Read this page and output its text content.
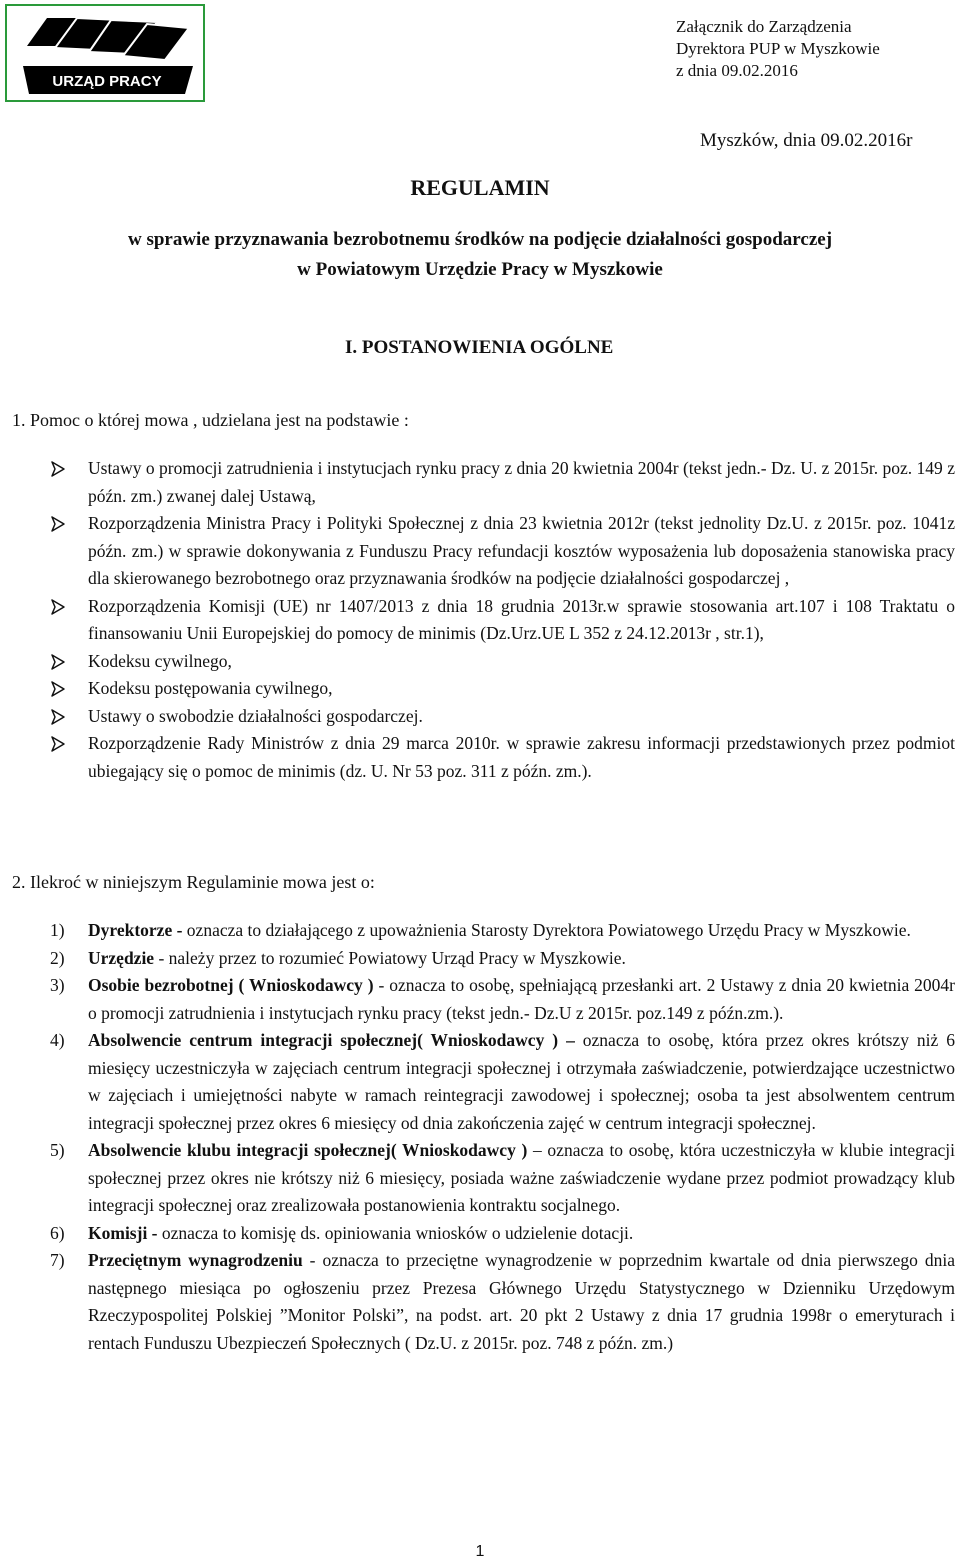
URZĄD PRACY
Załącznik do Zarządzenia
Dyrektora PUP w Myszkowie
z dnia 09.02.2016
Myszków, dnia 09.02.2016r
REGULAMIN
w sprawie przyznawania bezrobotnemu środków na podjęcie działalności gospodarczej
w Powiatowym Urzędzie Pracy w Myszkowie
I. POSTANOWIENIA OGÓLNE
1. Pomoc o której mowa , udzielana jest na podstawie :
Ustawy o promocji zatrudnienia i instytucjach rynku pracy z dnia 20 kwietnia 2004r (tekst jedn.- Dz. U. z 2015r. poz. 149 z późn. zm.) zwanej dalej Ustawą,
Rozporządzenia Ministra Pracy i Polityki Społecznej z dnia 23 kwietnia 2012r (tekst jednolity Dz.U. z 2015r. poz. 1041z późn. zm.) w sprawie dokonywania z Funduszu Pracy refundacji kosztów wyposażenia lub doposażenia stanowiska pracy dla skierowanego bezrobotnego oraz przyznawania środków na podjęcie działalności gospodarczej ,
Rozporządzenia Komisji (UE) nr 1407/2013 z dnia 18 grudnia 2013r.w sprawie stosowania art.107 i 108 Traktatu o finansowaniu Unii Europejskiej do pomocy de minimis (Dz.Urz.UE L 352 z 24.12.2013r , str.1),
Kodeksu cywilnego,
Kodeksu postępowania cywilnego,
Ustawy o swobodzie działalności gospodarczej.
Rozporządzenie Rady Ministrów z dnia 29 marca 2010r. w sprawie zakresu informacji przedstawionych przez podmiot ubiegający się o pomoc de minimis (dz. U. Nr 53 poz. 311 z późn. zm.).
2. Ilekroć w niniejszym Regulaminie mowa jest o:
1) Dyrektorze - oznacza to działającego z upoważnienia Starosty Dyrektora Powiatowego Urzędu Pracy w Myszkowie.
2) Urzędzie - należy przez to rozumieć Powiatowy Urząd Pracy w Myszkowie.
3) Osobie bezrobotnej ( Wnioskodawcy ) - oznacza to osobę, spełniającą przesłanki art. 2 Ustawy z dnia 20 kwietnia 2004r o promocji zatrudnienia i instytucjach rynku pracy (tekst jedn.- Dz.U z 2015r. poz.149 z późn.zm.).
4) Absolwencie centrum integracji społecznej( Wnioskodawcy ) – oznacza to osobę, która przez okres krótszy niż 6 miesięcy uczestniczyła w zajęciach centrum integracji społecznej i otrzymała zaświadczenie, potwierdzające uczestnictwo w zajęciach i umiejętności nabyte w ramach reintegracji zawodowej i społecznej; osoba ta jest absolwentem centrum integracji społecznej przez okres 6 miesięcy od dnia zakończenia zajęć w centrum integracji społecznej.
5) Absolwencie klubu integracji społecznej( Wnioskodawcy ) – oznacza to osobę, która uczestniczyła w klubie integracji społecznej przez okres nie krótszy niż 6 miesięcy, posiada ważne zaświadczenie wydane przez podmiot prowadzący klub integracji społecznej oraz zrealizowała postanowienia kontraktu socjalnego.
6) Komisji - oznacza to komisję ds. opiniowania wniosków o udzielenie dotacji.
7) Przeciętnym wynagrodzeniu - oznacza to przeciętne wynagrodzenie w poprzednim kwartale od dnia pierwszego dnia następnego miesiąca po ogłoszeniu przez Prezesa Głównego Urzędu Statystycznego w Dzienniku Urzędowym Rzeczypospolitej Polskiej ”Monitor Polski”, na podst. art. 20 pkt 2 Ustawy z dnia 17 grudnia 1998r o emeryturach i rentach Funduszu Ubezpieczeń Społecznych ( Dz.U. z 2015r. poz. 748 z późn. zm.)
1
